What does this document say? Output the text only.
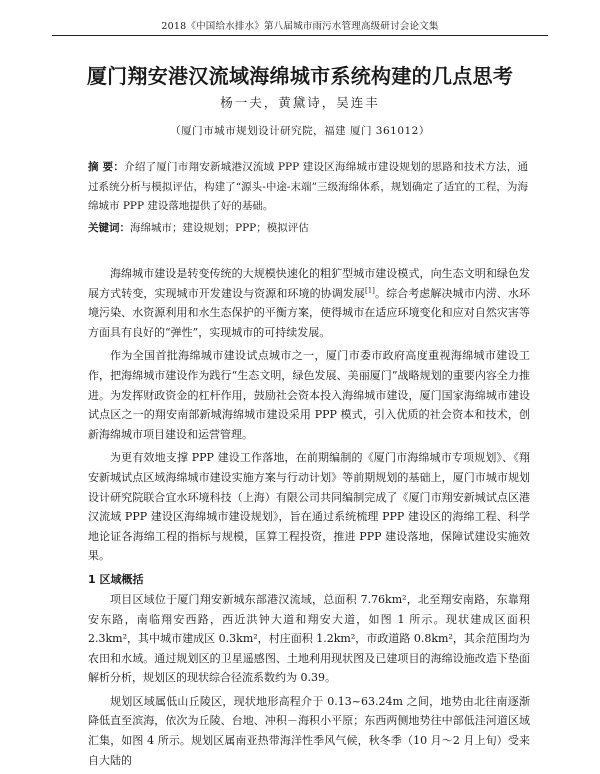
2018《中国给水排水》第八届城市雨污水管理高级研讨会论文集
厦门翔安港汉流域海绵城市系统构建的几点思考
杨一夫，黄黛诗，吴连丰
（厦门市城市规划设计研究院，福建 厦门 361012）
摘 要：介绍了厦门市翔安新城港汉流域 PPP 建设区海绵城市建设规划的思路和技术方法，通过系统分析与模拟评估，构建了“源头-中途-末端”三级海绵体系，规划确定了适宜的工程，为海绵城市 PPP 建设落地提供了好的基础。
关键词：海绵城市；建设规划；PPP；模拟评估

海绵城市建设是转变传统的大规模快速化的粗犷型城市建设模式，向生态文明和绿色发展方式转变，实现城市开发建设与资源和环境的协调发展[1]。综合考虑解决城市内涝、水环境污染、水资源利用和水生态保护的平衡方案，使得城市在适应环境变化和应对自然灾害等方面具有良好的“弹性”，实现城市的可持续发展。

作为全国首批海绵城市建设试点城市之一，厦门市委市政府高度重视海绵城市建设工作，把海绵城市建设作为践行“生态文明，绿色发展、美丽厦门”战略规划的重要内容全力推进。为发挥财政资金的杠杆作用，鼓励社会资本投入海绵城市建设，厦门国家海绵城市建设试点区之一的翔安南部新城海绵城市建设采用 PPP 模式，引入优质的社会资本和技术，创新海绵城市项目建设和运营管理。

为更有效地支撑 PPP 建设工作落地，在前期编制的《厦门市海绵城市专项规划》、《翔安新城试点区域海绵城市建设实施方案与行动计划》等前期规划的基础上，厦门市城市规划设计研究院联合宜水环境科技（上海）有限公司共同编制完成了《厦门市翔安新城试点区港汉流域 PPP 建设区海绵城市建设规划》，旨在通过系统梳理 PPP 建设区的海绵工程、科学地论证各海绵工程的指标与规模，匡算工程投资，推进 PPP 建设落地，保障试建设实施效果。

1 区域概括

项目区域位于厦门翔安新城东部港汉流域，总面积 7.76km²，北至翔安南路，东靠翔安东路，南临翔安西路，西近洪钟大道和翔安大道，如图 1 所示。现状建成区面积 2.3km²，其中城市建成区 0.3km²，村庄面积 1.2km²，市政道路 0.8km²，其余范围均为农田和水域。通过规划区的卫星遥感图、土地利用现状图及已建项目的海绵设施改造下垫面解析分析，规划区的现状综合径流系数约为 0.39。

规划区域属低山丘陵区，现状地形高程介于 0.13~63.24m 之间，地势由北往南逐渐降低直至滨海，依次为丘陵、台地、冲积－海积小平原；东西两侧地势往中部低洼河道区域汇集，如图 4 所示。规划区属南亚热带海洋性季风气候，秋冬季（10 月～2 月上旬）受来自大陆的
